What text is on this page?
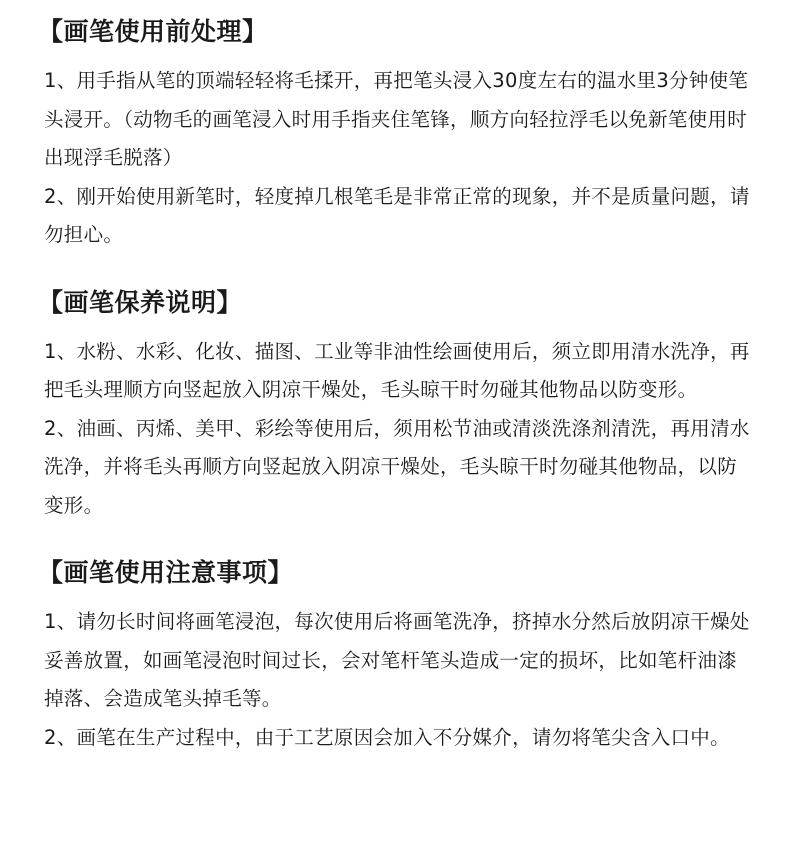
【画笔使用前处理】

1、用手指从笔的顶端轻轻将毛揉开，再把笔头浸入30度左右的温水里3分钟使笔头浸开。（动物毛的画笔浸入时用手指夹住笔锋，顺方向轻拉浮毛以免新笔使用时出现浮毛脱落）

2、刚开始使用新笔时，轻度掉几根笔毛是非常正常的现象，并不是质量问题，请勿担心。

【画笔保养说明】

1、水粉、水彩、化妆、描图、工业等非油性绘画使用后，须立即用清水洗净，再把毛头理顺方向竖起放入阴凉干燥处，毛头晾干时勿碰其他物品以防变形。

2、油画、丙烯、美甲、彩绘等使用后，须用松节油或清淡洗涤剂清洗，再用清水洗净，并将毛头再顺方向竖起放入阴凉干燥处，毛头晾干时勿碰其他物品，以防变形。

【画笔使用注意事项】

1、请勿长时间将画笔浸泡，每次使用后将画笔洗净，挤掉水分然后放阴凉干燥处妥善放置，如画笔浸泡时间过长，会对笔杆笔头造成一定的损坏，比如笔杆油漆掉落、会造成笔头掉毛等。

2、画笔在生产过程中，由于工艺原因会加入不分媒介，请勿将笔尖含入口中。
